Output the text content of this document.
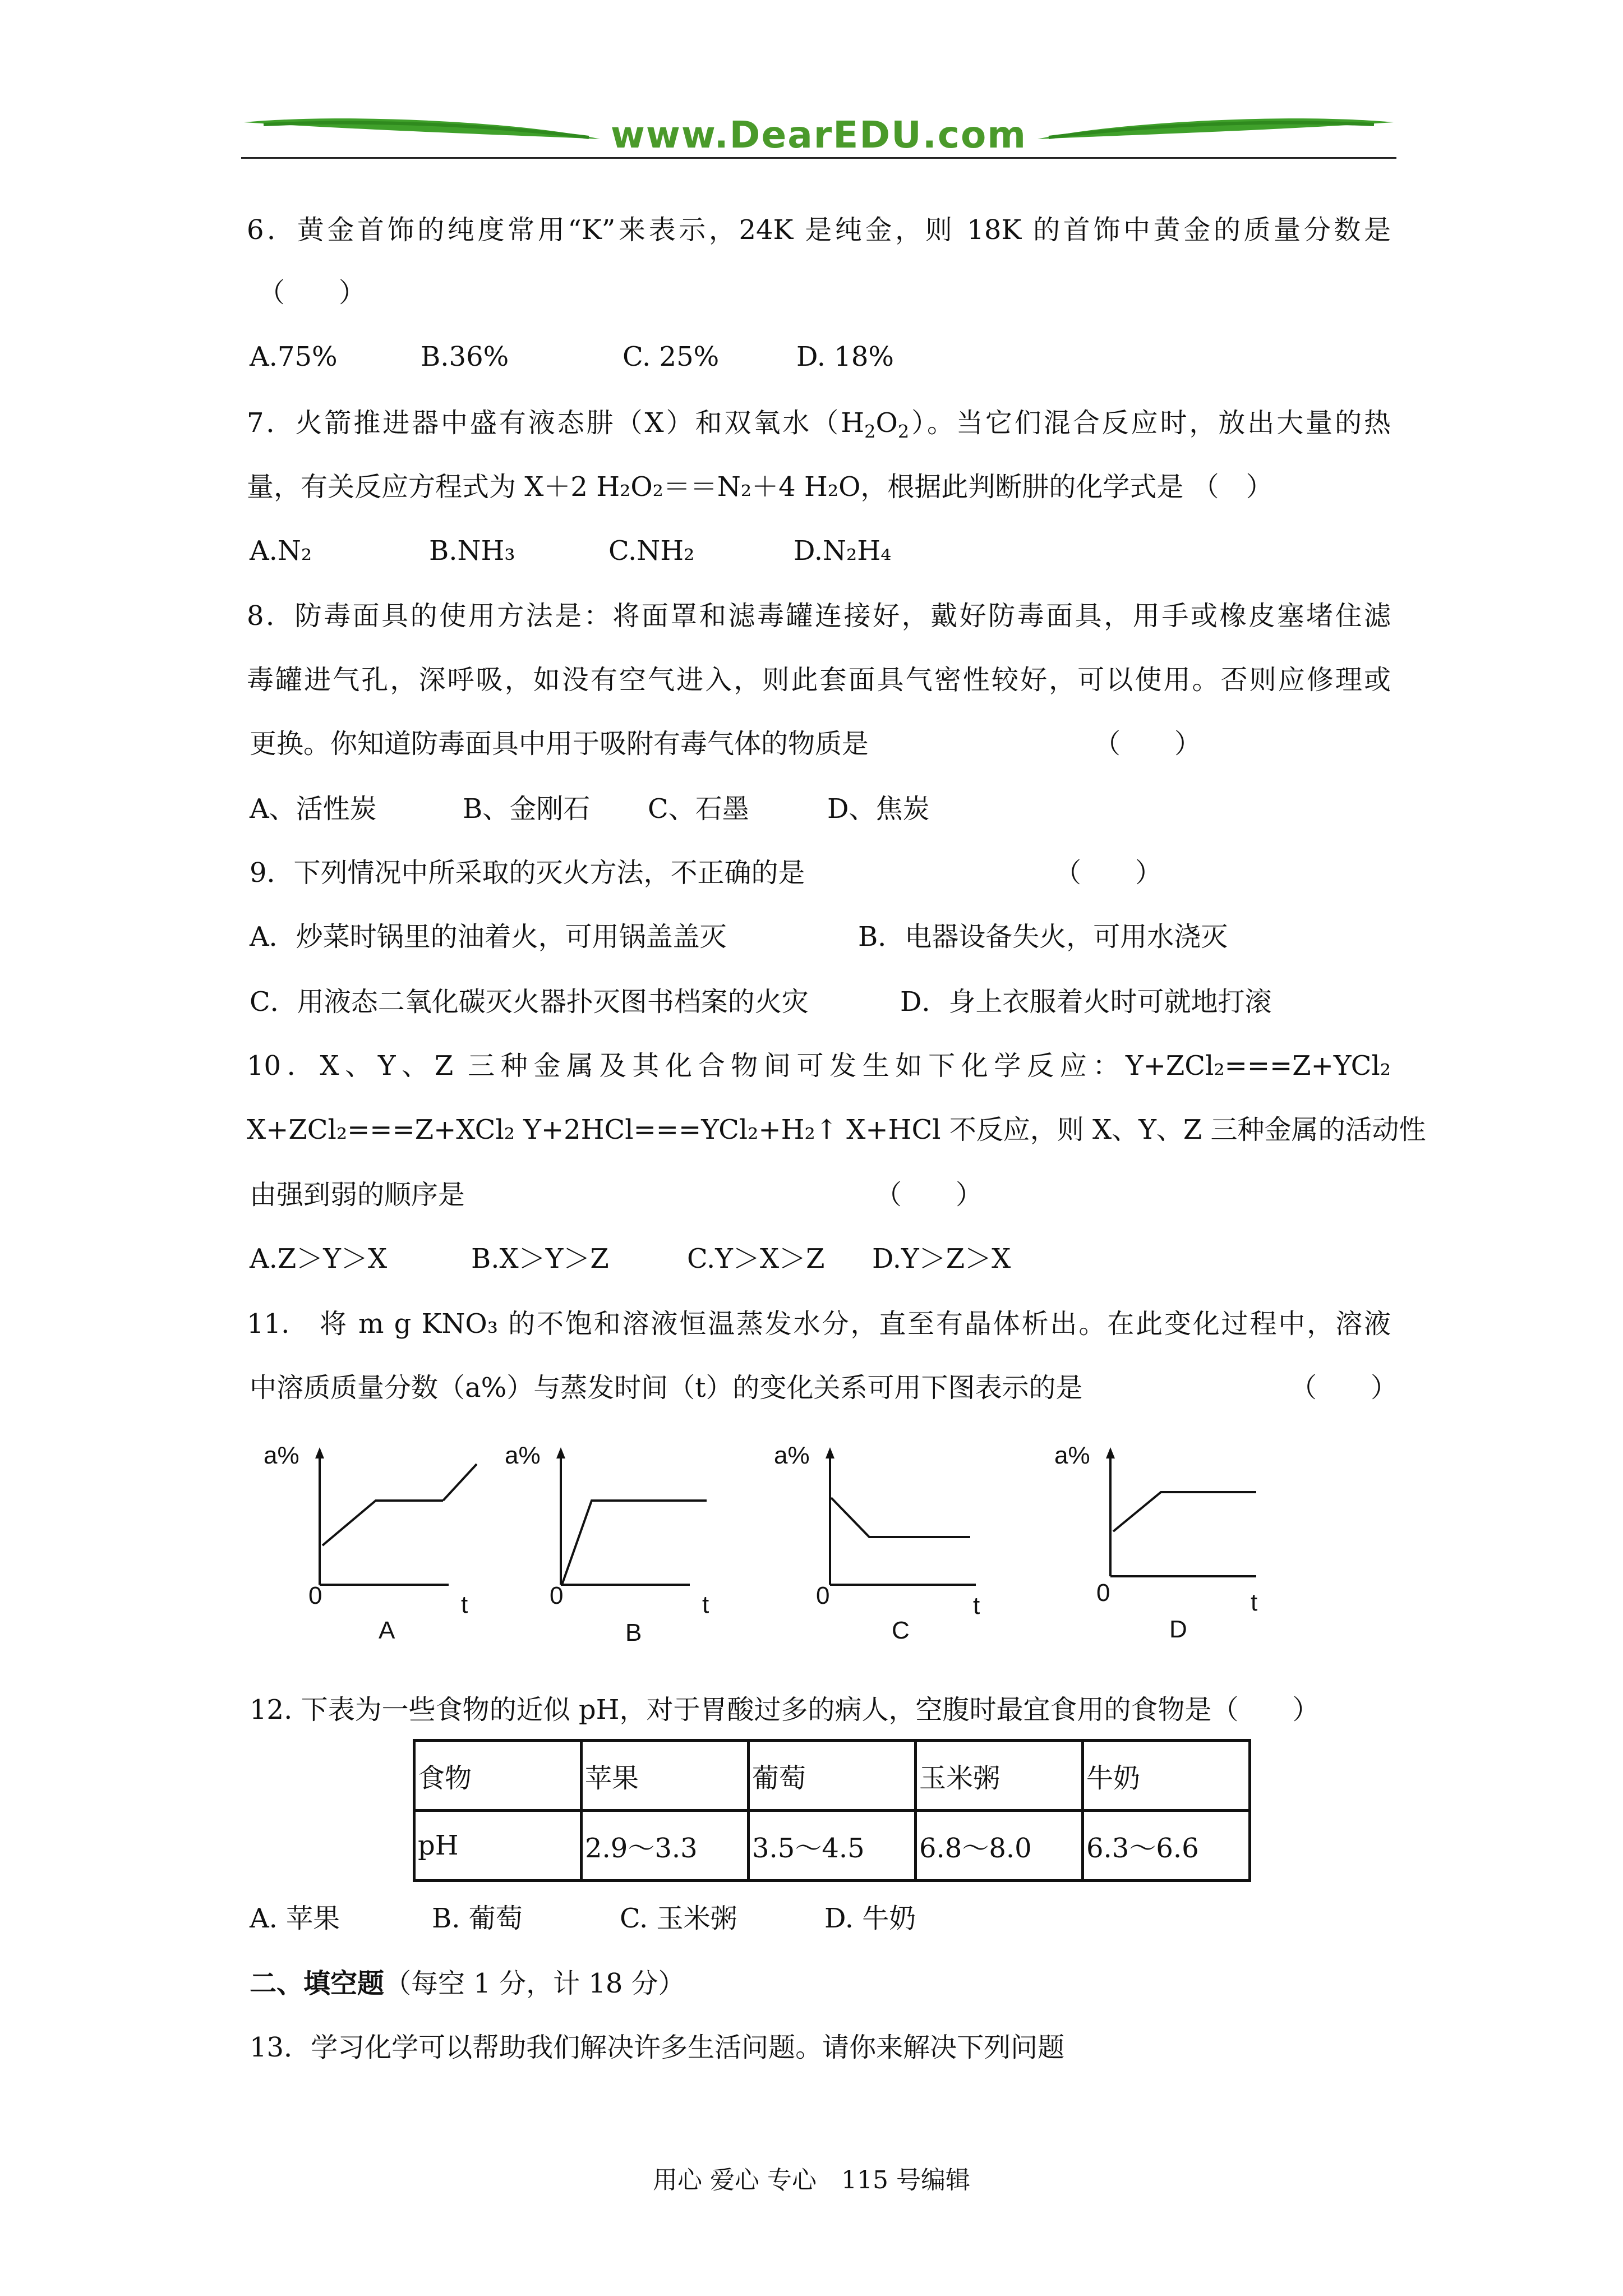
www.DearEDU.com
6．黄金首饰的纯度常用“K”来表示，24K 是纯金，则 18K 的首饰中黄金的质量分数是
（　　）
A.75%	B.36%	C. 25%	D. 18%
7．火箭推进器中盛有液态肼（X）和双氧水$(H_2O_2)$。当它们混合反应时，放出大量的热
量，有关反应方程式为 X＋2 H₂O₂＝＝N₂＋4 H₂O，根据此判断肼的化学式是 （　）
A.N₂	B.NH₃	C.NH₂	D.N₂H₄
8．防毒面具的使用方法是：将面罩和滤毒罐连接好，戴好防毒面具，用手或橡皮塞堵住滤
毒罐进气孔，深呼吸，如没有空气进入，则此套面具气密性较好，可以使用。否则应修理或
更换。你知道防毒面具中用于吸附有毒气体的物质是	（　　）
A、活性炭	B、金刚石 C、石墨	D、焦炭
9．下列情况中所采取的灭火方法，不正确的是	（　　）
A．炒菜时锅里的油着火，可用锅盖盖灭	B．电器设备失火，可用水浇灭
C．用液态二氧化碳灭火器扑灭图书档案的火灾	D．身上衣服着火时可就地打滚
10．X、Y、Z 三种金属及其化合物间可发生如下化学反应：Y+ZCl₂===Z+YCl₂
X+ZCl₂===Z+XCl₂ Y+2HCl===YCl₂+H₂↑ X+HCl 不反应，则 X、Y、Z 三种金属的活动性
由强到弱的顺序是	（　　）
A.Z＞Y＞X	B.X＞Y＞Z	C.Y＞X＞Z D.Y＞Z＞X
11.　将 m g KNO₃ 的不饱和溶液恒温蒸发水分，直至有晶体析出。在此变化过程中，溶液
中溶质质量分数（a%）与蒸发时间（t）的变化关系可用下图表示的是	（　　）
a%
0	t
A
a%
0	t
B
a%
0	t
C
a%
0	t
D
12. 下表为一些食物的近似 pH，对于胃酸过多的病人，空腹时最宜食用的食物是（　　）
食物	苹果	葡萄	玉米粥	牛奶
pH	2.9～3.3	3.5～4.5	6.8～8.0	6.3～6.6
A. 苹果	B. 葡萄	C. 玉米粥	D. 牛奶
二、填空题（每空 1 分，计 18 分）
13．学习化学可以帮助我们解决许多生活问题。请你来解决下列问题
用心 爱心 专心　115 号编辑
